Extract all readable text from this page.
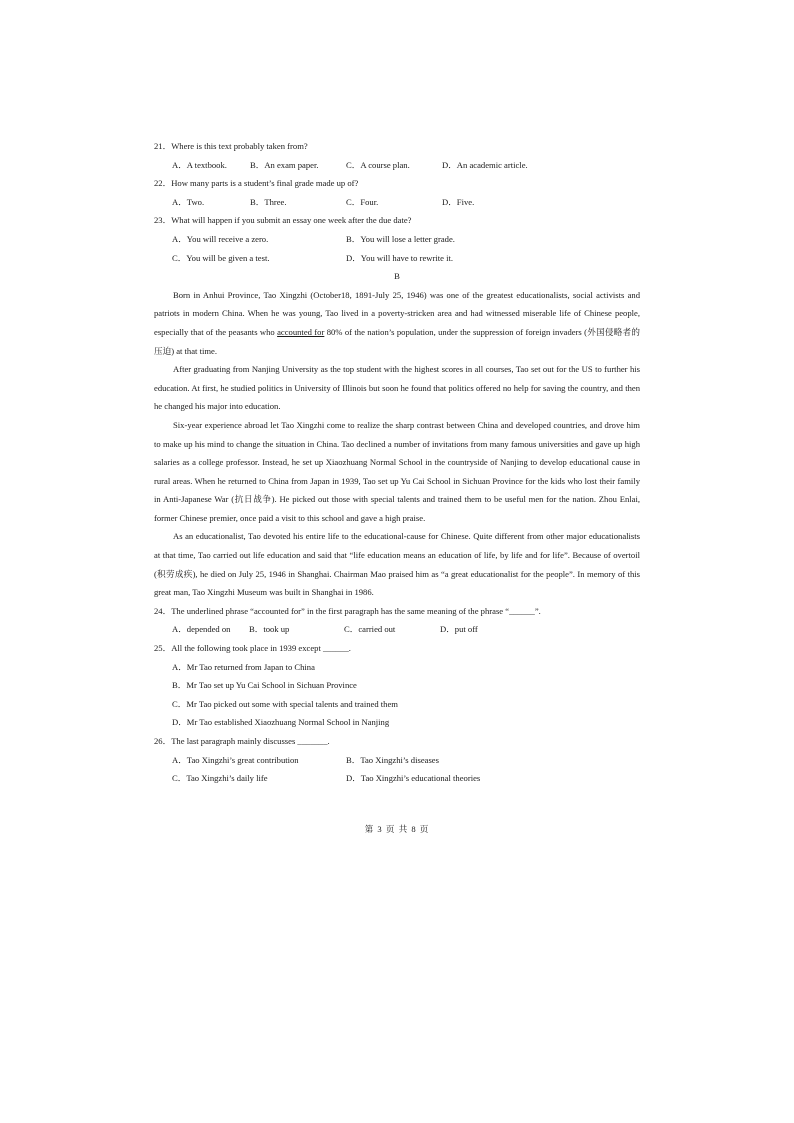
21．Where is this text probably taken from?
A．A textbook.	B．An exam paper.	C．A course plan.	D．An academic article.
22．How many parts is a student’s final grade made up of?
A．Two.	B．Three.	C．Four.	D．Five.
23．What will happen if you submit an essay one week after the due date?
A．You will receive a zero.	B．You will lose a letter grade.
C．You will be given a test.	D．You will have to rewrite it.
B

Born in Anhui Province, Tao Xingzhi (October18, 1891-July 25, 1946) was one of the greatest educationalists, social activists and patriots in modern China. When he was young, Tao lived in a poverty-stricken area and had witnessed miserable life of Chinese people, especially that of the peasants who accounted for 80% of the nation’s population, under the suppression of foreign invaders (外国侵略者的压迫) at that time.

After graduating from Nanjing University as the top student with the highest scores in all courses, Tao set out for the US to further his education. At first, he studied politics in University of Illinois but soon he found that politics offered no help for saving the country, and then he changed his major into education.

Six-year experience abroad let Tao Xingzhi come to realize the sharp contrast between China and developed countries, and drove him to make up his mind to change the situation in China. Tao declined a number of invitations from many famous universities and gave up high salaries as a college professor. Instead, he set up Xiaozhuang Normal School in the countryside of Nanjing to develop educational cause in rural areas. When he returned to China from Japan in 1939, Tao set up Yu Cai School in Sichuan Province for the kids who lost their family in Anti-Japanese War (抗日战争). He picked out those with special talents and trained them to be useful men for the nation. Zhou Enlai, former Chinese premier, once paid a visit to this school and gave a high praise.

As an educationalist, Tao devoted his entire life to the educational-cause for Chinese. Quite different from other major educationalists at that time, Tao carried out life education and said that “life education means an education of life, by life and for life”. Because of overtoil (积劳成疾), he died on July 25, 1946 in Shanghai. Chairman Mao praised him as “a great educationalist for the people”. In memory of this great man, Tao Xingzhi Museum was built in Shanghai in 1986.

24．The underlined phrase “accounted for” in the first paragraph has the same meaning of the phrase “______”.
A．depended on	B．took up	C．carried out	D．put off
25．All the following took place in 1939 except ______.
A．Mr Tao returned from Japan to China
B．Mr Tao set up Yu Cai School in Sichuan Province
C．Mr Tao picked out some with special talents and trained them
D．Mr Tao established Xiaozhuang Normal School in Nanjing
26．The last paragraph mainly discusses _______.
A．Tao Xingzhi’s great contribution	B．Tao Xingzhi’s diseases
C．Tao Xingzhi’s daily life	D．Tao Xingzhi’s educational theories
第 3 页 共 8 页
